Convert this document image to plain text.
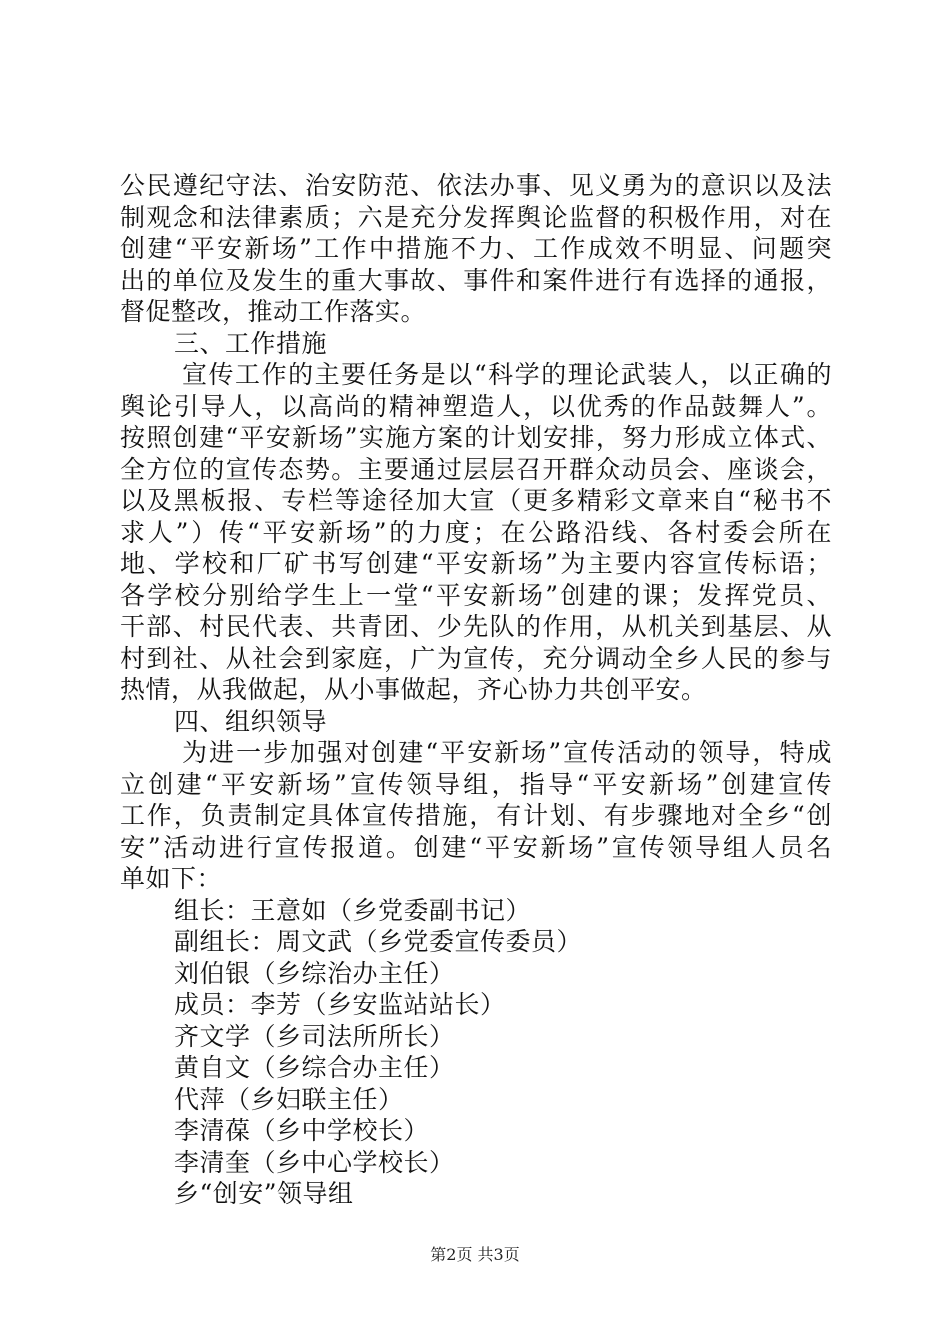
公民遵纪守法、治安防范、依法办事、见义勇为的意识以及法
制观念和法律素质；六是充分发挥舆论监督的积极作用，对在
创建“平安新场”工作中措施不力、工作成效不明显、问题突
出的单位及发生的重大事故、事件和案件进行有选择的通报，
督促整改，推动工作落实。
三、工作措施
宣传工作的主要任务是以“科学的理论武装人，以正确的
舆论引导人，以高尚的精神塑造人，以优秀的作品鼓舞人”。
按照创建“平安新场”实施方案的计划安排，努力形成立体式、
全方位的宣传态势。主要通过层层召开群众动员会、座谈会，
以及黑板报、专栏等途径加大宣（更多精彩文章来自“秘书不
求人”）传“平安新场”的力度；在公路沿线、各村委会所在
地、学校和厂矿书写创建“平安新场”为主要内容宣传标语；
各学校分别给学生上一堂“平安新场”创建的课；发挥党员、
干部、村民代表、共青团、少先队的作用，从机关到基层、从
村到社、从社会到家庭，广为宣传，充分调动全乡人民的参与
热情，从我做起，从小事做起，齐心协力共创平安。
四、组织领导
为进一步加强对创建“平安新场”宣传活动的领导，特成
立创建“平安新场”宣传领导组，指导“平安新场”创建宣传
工作，负责制定具体宣传措施，有计划、有步骤地对全乡“创
安”活动进行宣传报道。创建“平安新场”宣传领导组人员名
单如下：
组长：王意如（乡党委副书记）
副组长：周文武（乡党委宣传委员）
刘伯银（乡综治办主任）
成员：李芳（乡安监站站长）
齐文学（乡司法所所长）
黄自文（乡综合办主任）
代萍（乡妇联主任）
李清葆（乡中学校长）
李清奎（乡中心学校长）
乡“创安”领导组
第2页 共3页
